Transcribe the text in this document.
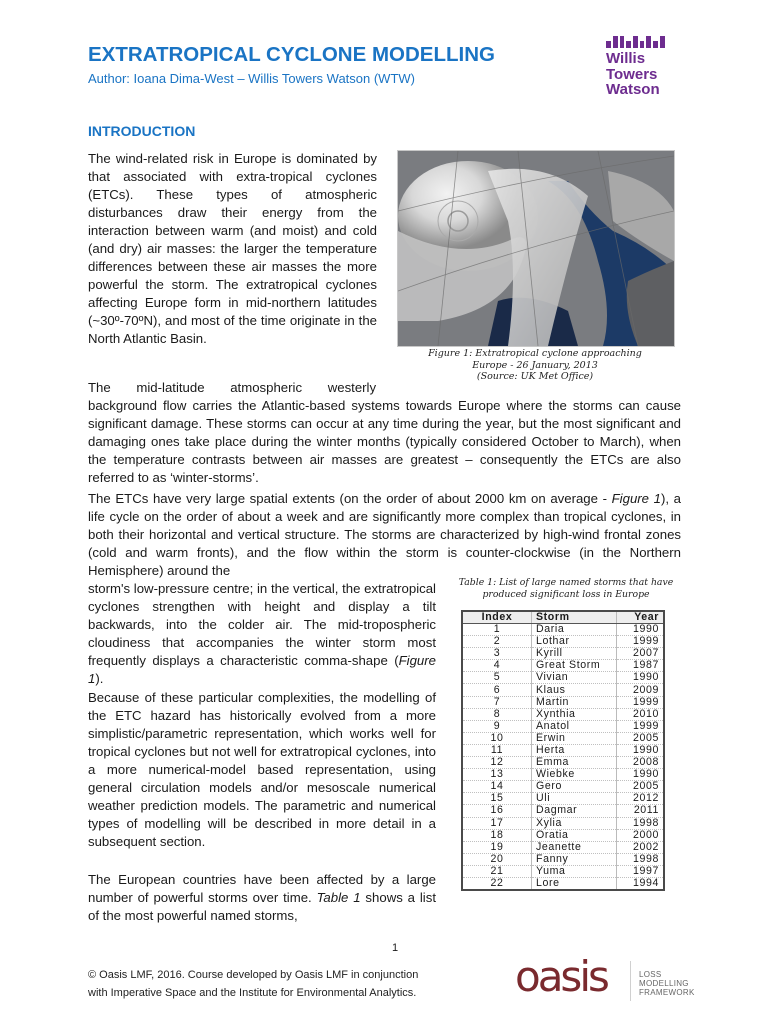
EXTRATROPICAL CYCLONE MODELLING
Author: Ioana Dima-West – Willis Towers Watson (WTW)
Willis
Towers
Watson
INTRODUCTION
The wind-related risk in Europe is dominated by that associated with extra-tropical cyclones (ETCs). These types of atmospheric disturbances draw their energy from the interaction between warm (and moist) and cold (and dry) air masses: the larger the temperature differences between these air masses the more powerful the storm. The extratropical cyclones affecting Europe form in mid-northern latitudes (~30º-70ºN), and most of the time originate in the North Atlantic Basin.
Figure 1: Extratropical cyclone approaching
Europe - 26 January, 2013
(Source: UK Met Office)
The mid-latitude atmospheric westerly
background flow carries the Atlantic-based systems towards Europe where the storms can cause significant damage. These storms can occur at any time during the year, but the most significant and damaging ones take place during the winter months (typically considered October to March), when the temperature contrasts between air masses are greatest – consequently the ETCs are also referred to as ‘winter-storms’.
The ETCs have very large spatial extents (on the order of about 2000 km on average - Figure 1), a life cycle on the order of about a week and are significantly more complex than tropical cyclones, in both their horizontal and vertical structure. The storms are characterized by high-wind frontal zones (cold and warm fronts), and the flow within the storm is counter-clockwise (in the Northern Hemisphere) around the
storm's low-pressure centre; in the vertical, the extratropical cyclones strengthen with height and display a tilt backwards, into the colder air. The mid-tropospheric cloudiness that accompanies the winter storm most frequently displays a characteristic comma-shape (Figure 1).
Because of these particular complexities, the modelling of the ETC hazard has historically evolved from a more simplistic/parametric representation, which works well for tropical cyclones but not well for extratropical cyclones, into a more numerical-model based representation, using general circulation models and/or mesoscale numerical weather prediction models. The parametric and numerical types of modelling will be described in more detail in a subsequent section.
The European countries have been affected by a large number of powerful storms over time. Table 1 shows a list of the most powerful named storms,
Table 1: List of large named storms that have
produced significant loss in Europe
Index	Storm	Year
1	Daria	1990
2	Lothar	1999
3	Kyrill	2007
4	Great Storm	1987
5	Vivian	1990
6	Klaus	2009
7	Martin	1999
8	Xynthia	2010
9	Anatol	1999
10	Erwin	2005
11	Herta	1990
12	Emma	2008
13	Wiebke	1990
14	Gero	2005
15	Uli	2012
16	Dagmar	2011
17	Xylia	1998
18	Oratia	2000
19	Jeanette	2002
20	Fanny	1998
21	Yuma	1997
22	Lore	1994
1
© Oasis LMF, 2016. Course developed by Oasis LMF in conjunction
with Imperative Space and the Institute for Environmental Analytics. oasis	LOSS MODELLING
FRAMEWORK
